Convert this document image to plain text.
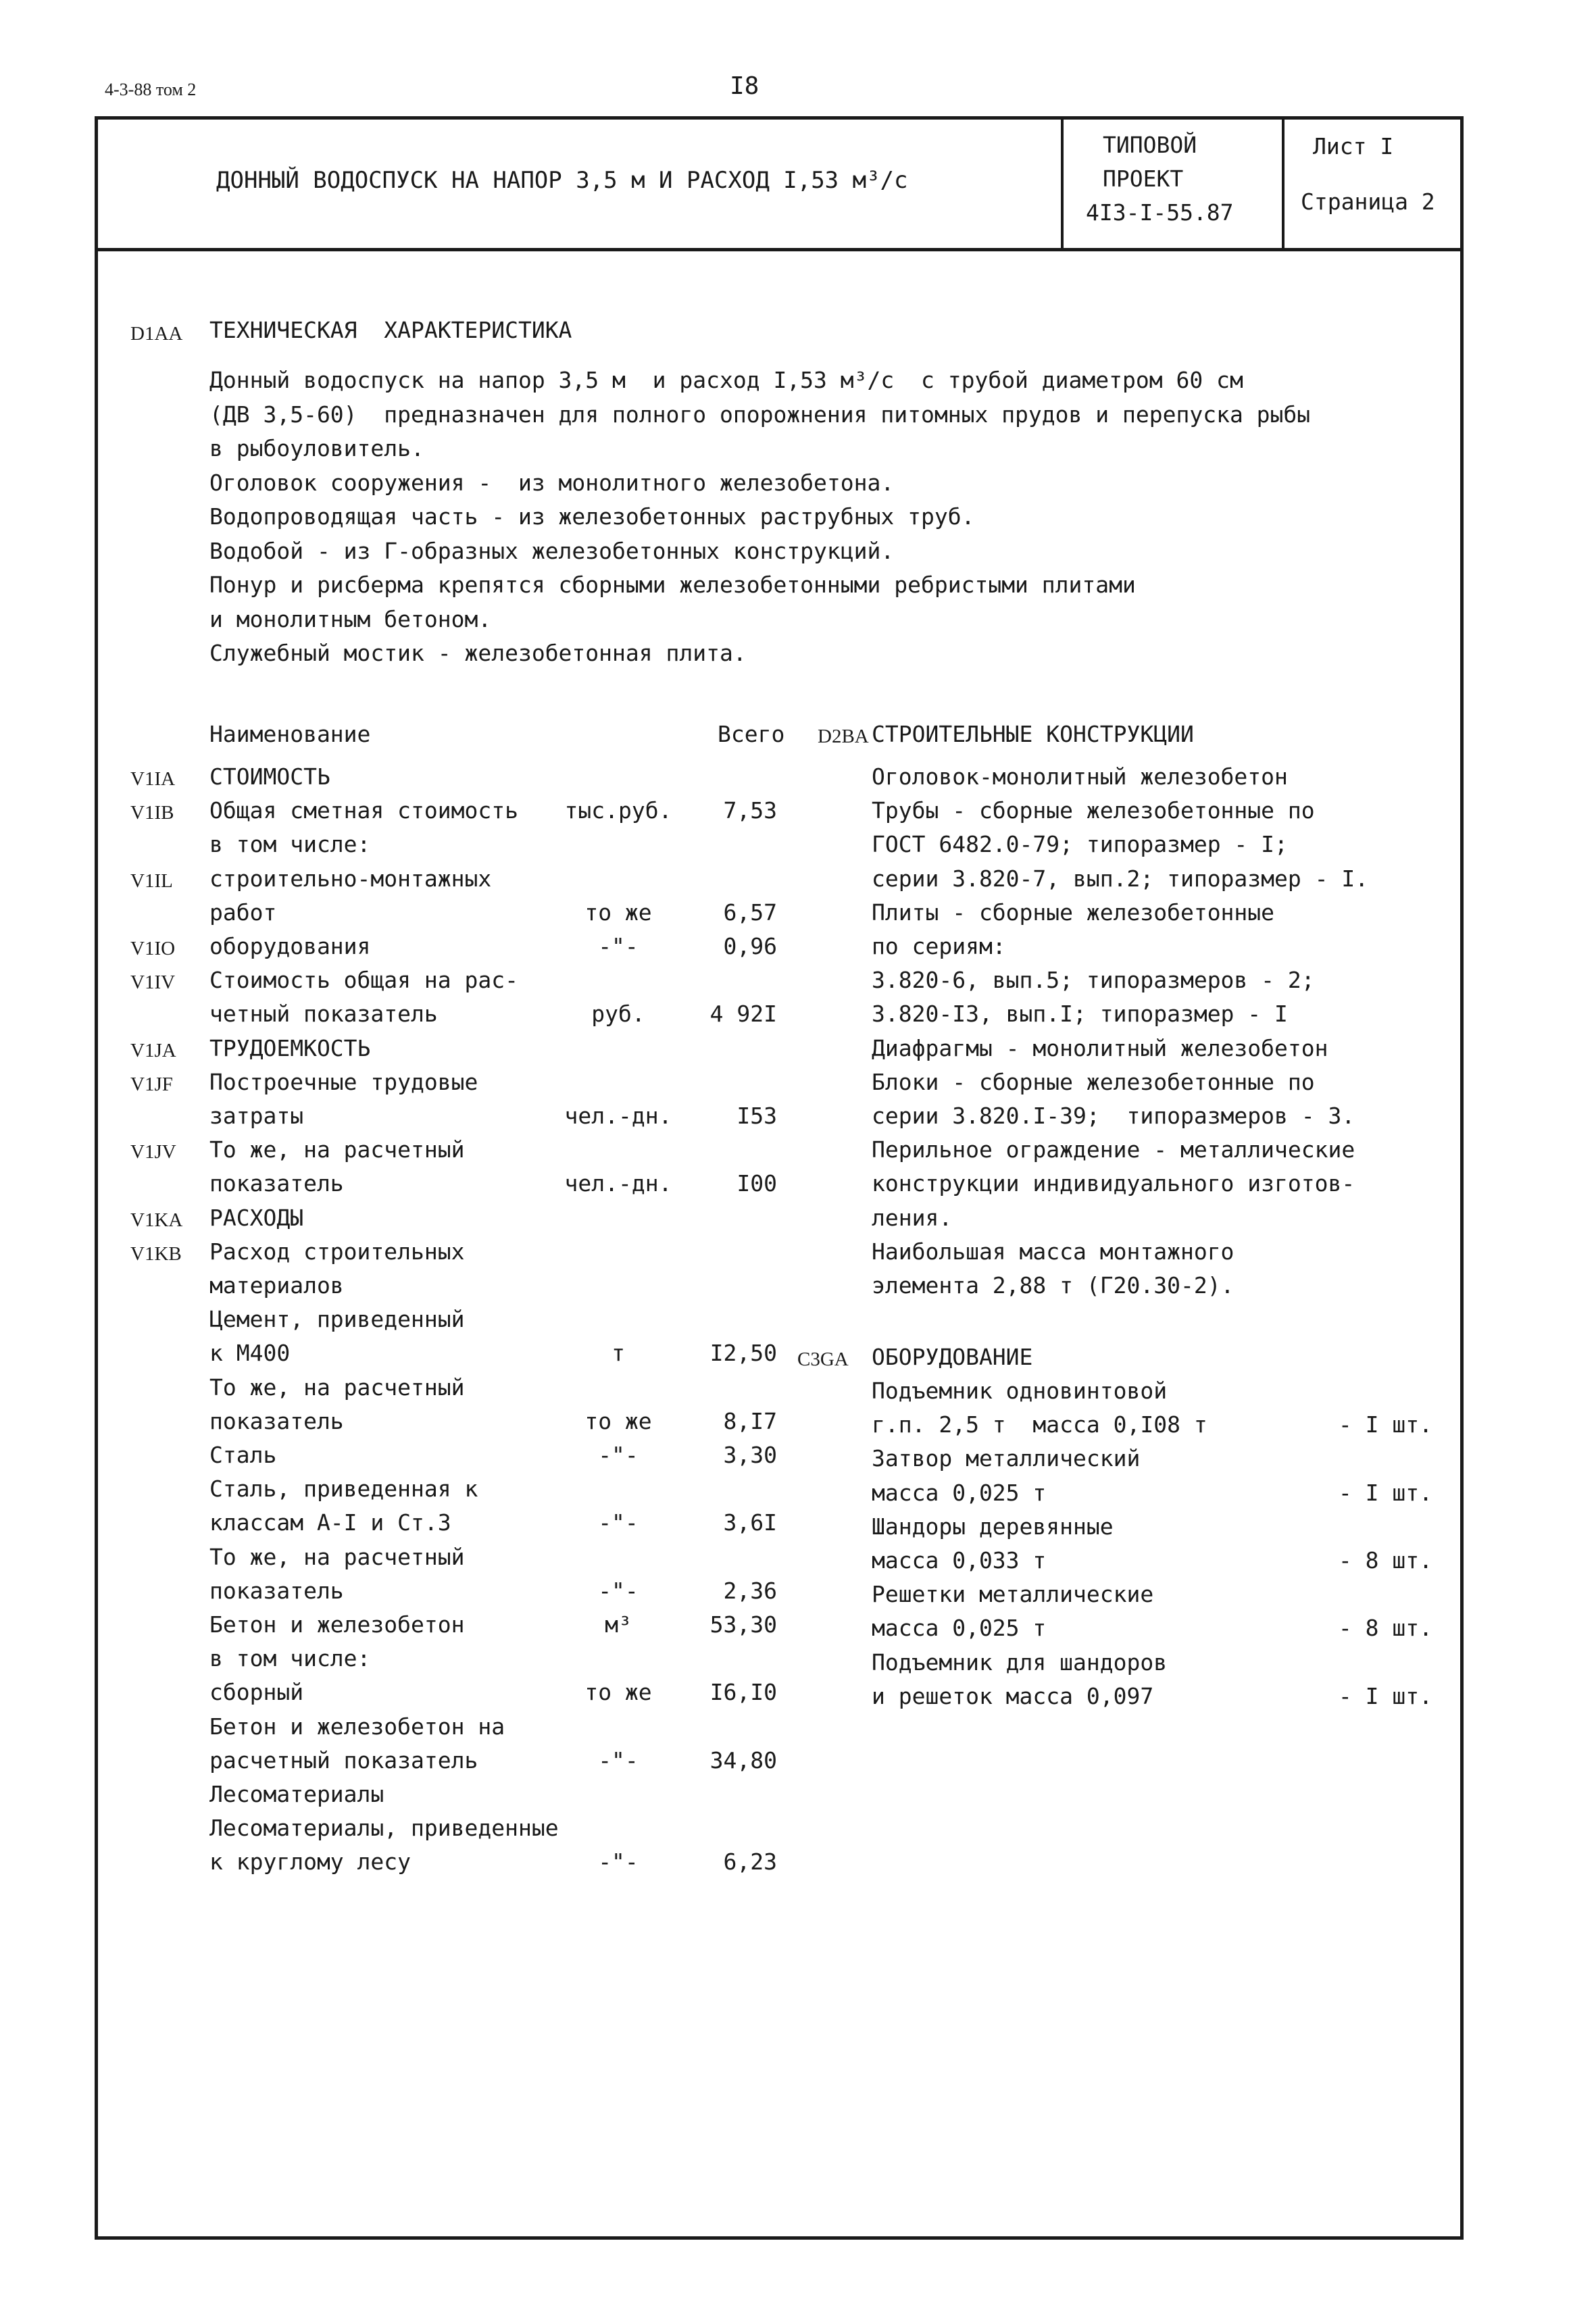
4-3-88 том 2	I8
ДОННЫЙ ВОДОСПУСК НА НАПОР 3,5 м И РАСХОД I,53 м³/с
ТИПОВОЙ
ПРОЕКТ
4I3-I-55.87
Лист I
Страница 2
D1AA ТЕХНИЧЕСКАЯ  ХАРАКТЕРИСТИКА
Донный водоспуск на напор 3,5 м  и расход I,53 м³/с  с трубой диаметром 60 см
(ДВ 3,5-60)  предназначен для полного опорожнения питомных прудов и перепуска рыбы
в рыбоуловитель.
Оголовок сооружения -  из монолитного железобетона.
Водопроводящая часть - из железобетонных раструбных труб.
Водобой - из Г-образных железобетонных конструкций.
Понур и рисберма крепятся сборными железобетонными ребристыми плитами
и монолитным бетоном.
Служебный мостик - железобетонная плита.
Наименование	Всего D2BA СТРОИТЕЛЬНЫЕ КОНСТРУКЦИИ
V1IA СТОИМОСТЬ
V1IB Общая сметная стоимость	тыс.руб.	7,53
в том числе:
V1IL строительно-монтажных
работ	то же	6,57
V1IO оборудования	-"-	0,96
V1IV Стоимость общая на рас-
четный показатель	руб.	4 92I
V1JA ТРУДОЕМКОСТЬ
V1JF Построечные трудовые
затраты	чел.-дн.	I53
V1JV То же, на расчетный
показатель	чел.-дн.	I00
V1KA РАСХОДЫ
V1KB Расход строительных
материалов
Цемент, приведенный
к М400	т	I2,50
То же, на расчетный
показатель	то же	8,I7
Сталь	-"-	3,30
Сталь, приведенная к
классам А-I и Ст.3	-"-	3,6I
То же, на расчетный
показатель	-"-	2,36
Бетон и железобетон	м³	53,30
в том числе:
сборный	то же	I6,I0
Бетон и железобетон на
расчетный показатель	-"-	34,80
Лесоматериалы
Лесоматериалы, приведенные
к круглому лесу	-"-	6,23
Оголовок-монолитный железобетон
Трубы - сборные железобетонные по
ГОСТ 6482.0-79; типоразмер - I;
серии 3.820-7, вып.2; типоразмер - I.
Плиты - сборные железобетонные
по сериям:
3.820-6, вып.5; типоразмеров - 2;
3.820-I3, вып.I; типоразмер - I
Диафрагмы - монолитный железобетон
Блоки - сборные железобетонные по
серии 3.820.I-39;  типоразмеров - 3.
Перильное ограждение - металлические
конструкции индивидуального изготов-
ления.
Наибольшая масса монтажного
элемента 2,88 т (Г20.30-2).
C3GA ОБОРУДОВАНИЕ
Подъемник одновинтовой
г.п. 2,5 т  масса 0,I08 т	- I шт.
Затвор металлический
масса 0,025 т	- I шт.
Шандоры деревянные
масса 0,033 т	- 8 шт.
Решетки металлические
масса 0,025 т	- 8 шт.
Подъемник для шандоров
и решеток масса 0,097	- I шт.
